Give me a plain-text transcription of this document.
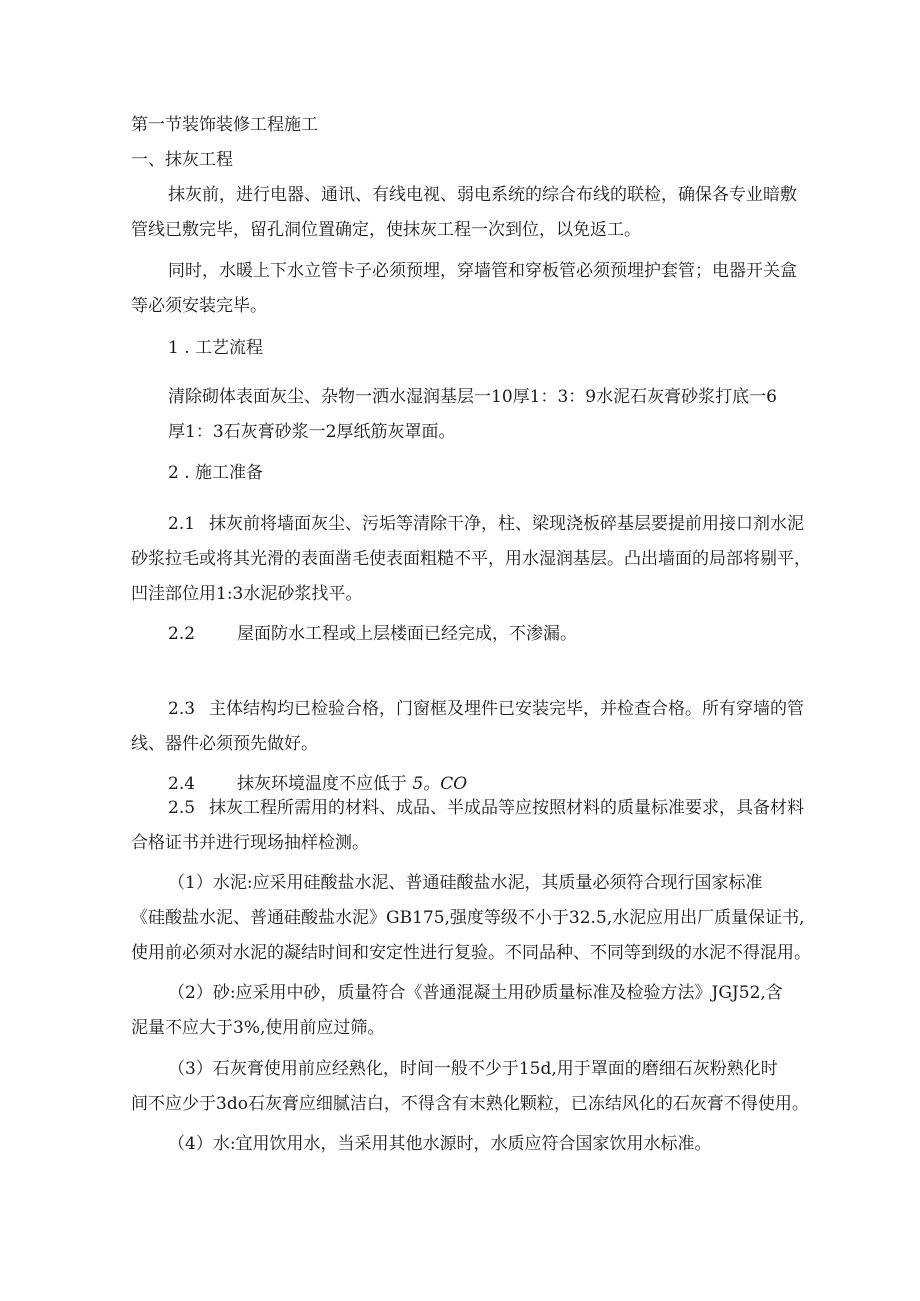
第一节装饰装修工程施工
一、抹灰工程
抹灰前，进行电器、通讯、有线电视、弱电系统的综合布线的联检，确保各专业暗敷
管线已敷完毕，留孔洞位置确定，使抹灰工程一次到位，以免返工。
同时，水暖上下水立管卡子必须预埋，穿墙管和穿板管必须预埋护套管；电器开关盒
等必须安装完毕。
1 . 工艺流程
清除砌体表面灰尘、杂物一洒水湿润基层一10厚1：3：9水泥石灰膏砂浆打底一6
厚1：3石灰膏砂浆一2厚纸筋灰罩面。
2 . 施工准备
2.1 抹灰前将墙面灰尘、污垢等清除干净，柱、梁现浇板碎基层要提前用接口剂水泥
砂浆拉毛或将其光滑的表面凿毛使表面粗糙不平，用水湿润基层。凸出墙面的局部将剔平，
凹洼部位用1:3水泥砂浆找平。
2.2 屋面防水工程或上层楼面已经完成，不渗漏。
2.3 主体结构均已检验合格，门窗框及埋件已安装完毕，并检查合格。所有穿墙的管
线、器件必须预先做好。
2.4 抹灰环境温度不应低于 5。CO
2.5 抹灰工程所需用的材料、成品、半成品等应按照材料的质量标准要求，具备材料
合格证书并进行现场抽样检测。
（1）水泥:应采用硅酸盐水泥、普通硅酸盐水泥，其质量必须符合现行国家标准
《硅酸盐水泥、普通硅酸盐水泥》GB175,强度等级不小于32.5,水泥应用出厂质量保证书,
使用前必须对水泥的凝结时间和安定性进行复验。不同品种、不同等到级的水泥不得混用。
（2）砂:应采用中砂，质量符合《普通混凝土用砂质量标准及检验方法》JGJ52,含
泥量不应大于3%,使用前应过筛。
（3）石灰膏使用前应经熟化，时间一般不少于15d,用于罩面的磨细石灰粉熟化时
间不应少于3do石灰膏应细腻洁白，不得含有末熟化颗粒，已冻结风化的石灰膏不得使用。
（4）水:宜用饮用水，当采用其他水源时，水质应符合国家饮用水标准。
